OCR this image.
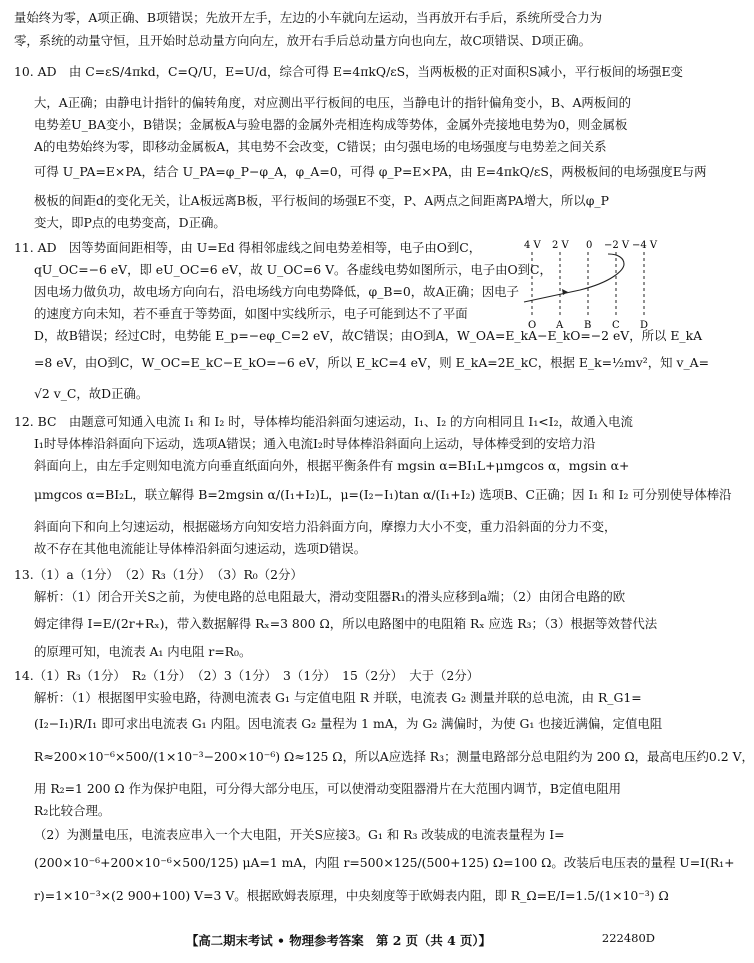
量始终为零，A项正确、B项错误；先放开左手，左边的小车就向左运动，当再放开右手后，系统所受合力为
零，系统的动量守恒，且开始时总动量方向向左，放开右手后总动量方向也向左，故C项错误、D项正确。
10. AD　由 C=εS/4πkd，C=Q/U，E=U/d，综合可得 E=4πkQ/εS，当两板极的正对面积S减小，平行板间的场强E变
大，A正确；由静电计指针的偏转角度，对应测出平行板间的电压，当静电计的指针偏角变小，B、A两板间的
电势差U_BA变小，B错误；金属板A与验电器的金属外壳相连构成等势体，金属外壳接地电势为0，则金属板
A的电势始终为零，即移动金属板A，其电势不会改变，C错误；由匀强电场的电场强度与电势差之间关系
可得 U_PA=E×PA，结合 U_PA=φ_P−φ_A，φ_A=0，可得 φ_P=E×PA，由 E=4πkQ/εS，两极板间的电场强度E与两
极板的间距d的变化无关，让A板远离B板，平行板间的场强E不变，P、A两点之间距离PA增大，所以φ_P
变大，即P点的电势变高，D正确。
11. AD　因等势面间距相等，由 U=Ed 得相邻虚线之间电势差相等，电子由O到C，
qU_OC=−6 eV，即 eU_OC=6 eV，故 U_OC=6 V。各虚线电势如图所示，电子由O到C，
因电场力做负功，故电场方向向右，沿电场线方向电势降低，φ_B=0，故A正确；因电子
的速度方向未知，若不垂直于等势面，如图中实线所示，电子可能到达不了平面
D，故B错误；经过C时，电势能 E_p=−eφ_C=2 eV，故C错误；由O到A，W_OA=E_kA−E_kO=−2 eV，所以 E_kA
=8 eV，由O到C，W_OC=E_kC−E_kO=−6 eV，所以 E_kC=4 eV，则 E_kA=2E_kC，根据 E_k=½mv²，知 v_A=
√2 v_C，故D正确。
4 V 2 V 0 −2 V −4 V
O A B C D
12. BC　由题意可知通入电流 I₁ 和 I₂ 时，导体棒均能沿斜面匀速运动，I₁、I₂ 的方向相同且 I₁<I₂，故通入电流
I₁时导体棒沿斜面向下运动，选项A错误；通入电流I₂时导体棒沿斜面向上运动，导体棒受到的安培力沿
斜面向上，由左手定则知电流方向垂直纸面向外，根据平衡条件有 mgsin α=BI₁L+μmgcos α，mgsin α+
μmgcos α=BI₂L，联立解得 B=2mgsin α/(I₁+I₂)L，μ=(I₂−I₁)tan α/(I₁+I₂) 选项B、C正确；因 I₁ 和 I₂ 可分别使导体棒沿
斜面向下和向上匀速运动，根据磁场方向知安培力沿斜面方向，摩擦力大小不变，重力沿斜面的分力不变，
故不存在其他电流能让导体棒沿斜面匀速运动，选项D错误。
13.（1）a（1分）　（2）R₃（1分）　（3）R₀（2分）
解析：（1）闭合开关S之前，为使电路的总电阻最大，滑动变阻器R₁的滑头应移到a端；（2）由闭合电路的欧
姆定律得 I=E/(2r+Rₓ)，带入数据解得 Rₓ=3 800 Ω，所以电路图中的电阻箱 Rₓ 应选 R₃；（3）根据等效替代法
的原理可知，电流表 A₁ 内电阻 r=R₀。
14.（1）R₃（1分）　R₂（1分）　（2）3（1分）　3（1分）　15（2分）　大于（2分）
解析：（1）根据图甲实验电路，待测电流表 G₁ 与定值电阻 R 并联，电流表 G₂ 测量并联的总电流，由 R_G1=
(I₂−I₁)R/I₁ 即可求出电流表 G₁ 内阻。因电流表 G₂ 量程为 1 mA，为 G₂ 满偏时，为使 G₁ 也接近满偏，定值电阻
R≈200×10⁻⁶×500/(1×10⁻³−200×10⁻⁶) Ω≈125 Ω，所以A应选择 R₃；测量电路部分总电阻约为 200 Ω，最高电压约0.2 V，
用 R₂=1 200 Ω 作为保护电阻，可分得大部分电压，可以使滑动变阻器滑片在大范围内调节，B定值电阻用
R₂比较合理。
（2）为测量电压，电流表应串入一个大电阻，开关S应接3。G₁ 和 R₃ 改装成的电流表量程为 I=
(200×10⁻⁶+200×10⁻⁶×500/125) μA=1 mA，内阻 r=500×125/(500+125) Ω=100 Ω。改装后电压表的量程 U=I(R₁+
r)=1×10⁻³×(2 900+100) V=3 V。根据欧姆表原理，中央刻度等于欧姆表内阻，即 R_Ω=E/I=1.5/(1×10⁻³) Ω
【高二期末考试 • 物理参考答案　第 2 页（共 4 页）】	222480D
